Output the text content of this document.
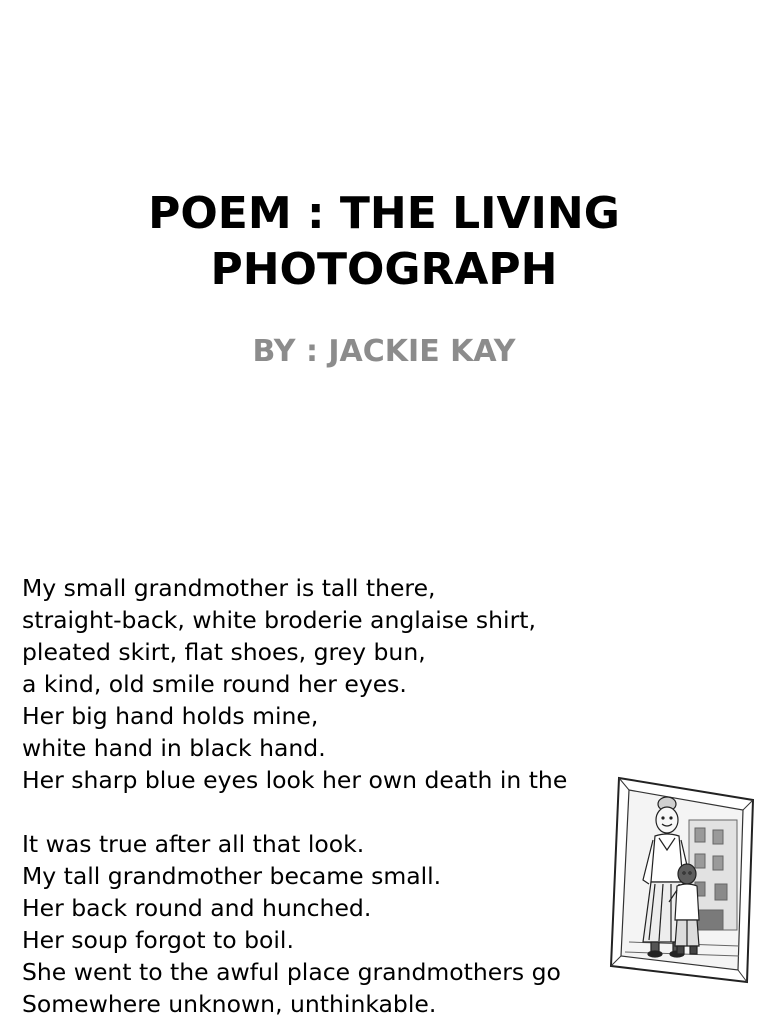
POEM : THE LIVING
PHOTOGRAPH
BY : JACKIE KAY
My small grandmother is tall there,
straight-back, white broderie anglaise shirt,
pleated skirt, flat shoes, grey bun,
a kind, old smile round her eyes.
Her big hand holds mine,
white hand in black hand.
Her sharp blue eyes look her own death in the
It was true after all that look.
My tall grandmother became small.
Her back round and hunched.
Her soup forgot to boil.
She went to the awful place grandmothers go
Somewhere unknown, unthinkable.
